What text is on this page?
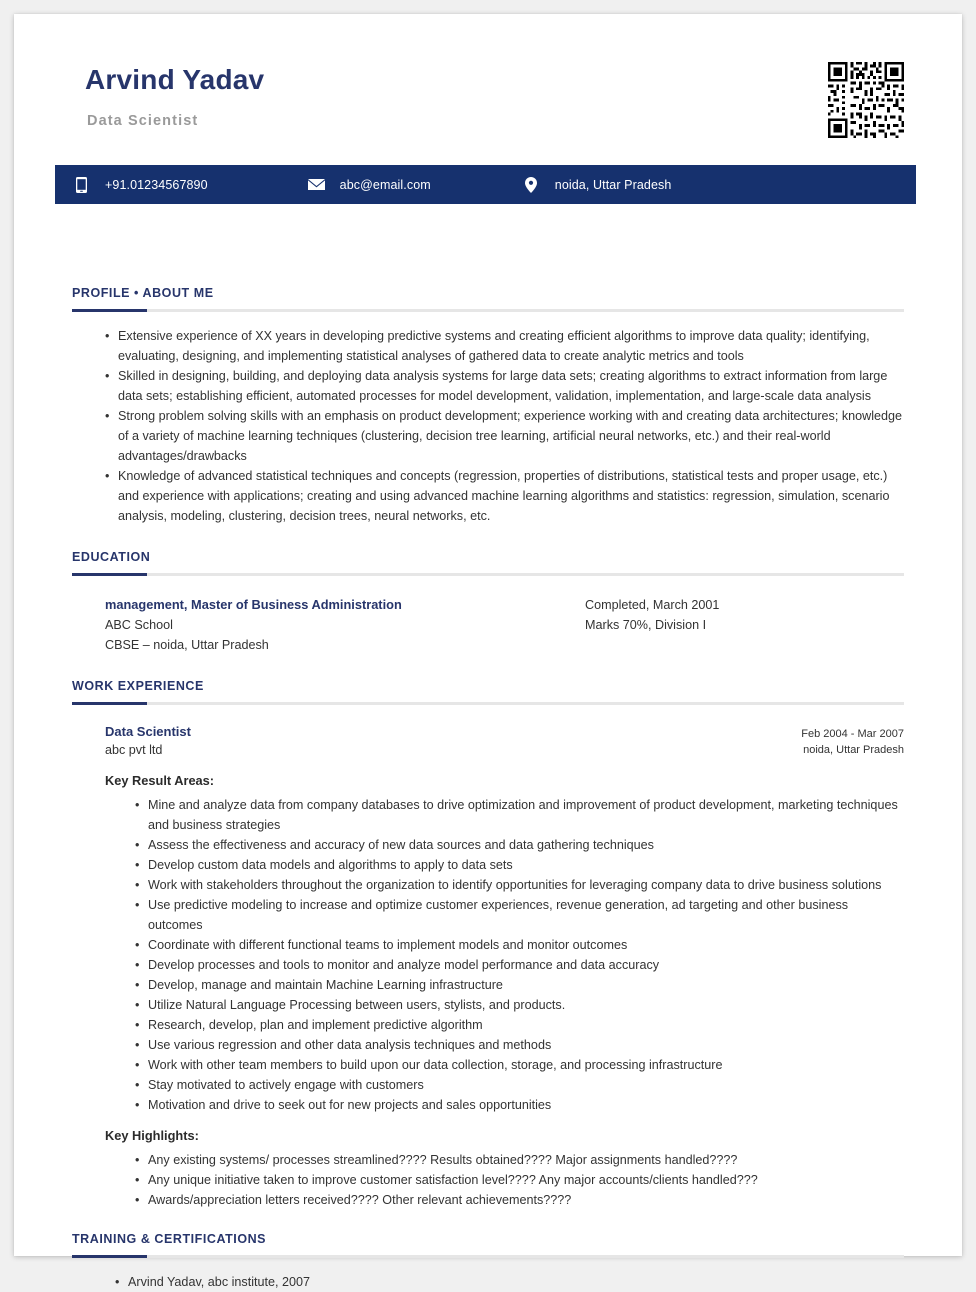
Arvind Yadav
Data Scientist
+91.01234567890	abc@email.com	noida, Uttar Pradesh
PROFILE • ABOUT ME
• Extensive experience of XX years in developing predictive systems and creating efficient algorithms to improve data quality; identifying, evaluating, designing, and implementing statistical analyses of gathered data to create analytic metrics and tools
• Skilled in designing, building, and deploying data analysis systems for large data sets; creating algorithms to extract information from large data sets; establishing efficient, automated processes for model development, validation, implementation, and large-scale data analysis
• Strong problem solving skills with an emphasis on product development; experience working with and creating data architectures; knowledge of a variety of machine learning techniques (clustering, decision tree learning, artificial neural networks, etc.) and their real-world advantages/drawbacks
• Knowledge of advanced statistical techniques and concepts (regression, properties of distributions, statistical tests and proper usage, etc.) and experience with applications; creating and using advanced machine learning algorithms and statistics: regression, simulation, scenario analysis, modeling, clustering, decision trees, neural networks, etc.
EDUCATION
management, Master of Business Administration
ABC School
CBSE – noida, Uttar Pradesh
Completed, March 2001
Marks 70%, Division I
WORK EXPERIENCE
Data Scientist
abc pvt ltd
Feb 2004 - Mar 2007
noida, Uttar Pradesh
Key Result Areas:
• Mine and analyze data from company databases to drive optimization and improvement of product development, marketing techniques and business strategies
• Assess the effectiveness and accuracy of new data sources and data gathering techniques
• Develop custom data models and algorithms to apply to data sets
• Work with stakeholders throughout the organization to identify opportunities for leveraging company data to drive business solutions
• Use predictive modeling to increase and optimize customer experiences, revenue generation, ad targeting and other business outcomes
• Coordinate with different functional teams to implement models and monitor outcomes
• Develop processes and tools to monitor and analyze model performance and data accuracy
• Develop, manage and maintain Machine Learning infrastructure
• Utilize Natural Language Processing between users, stylists, and products.
• Research, develop, plan and implement predictive algorithm
• Use various regression and other data analysis techniques and methods
• Work with other team members to build upon our data collection, storage, and processing infrastructure
• Stay motivated to actively engage with customers
• Motivation and drive to seek out for new projects and sales opportunities
Key Highlights:
• Any existing systems/ processes streamlined???? Results obtained???? Major assignments handled????
• Any unique initiative taken to improve customer satisfaction level???? Any major accounts/clients handled???
• Awards/appreciation letters received???? Other relevant achievements????
TRAINING & CERTIFICATIONS
• Arvind Yadav, abc institute, 2007
